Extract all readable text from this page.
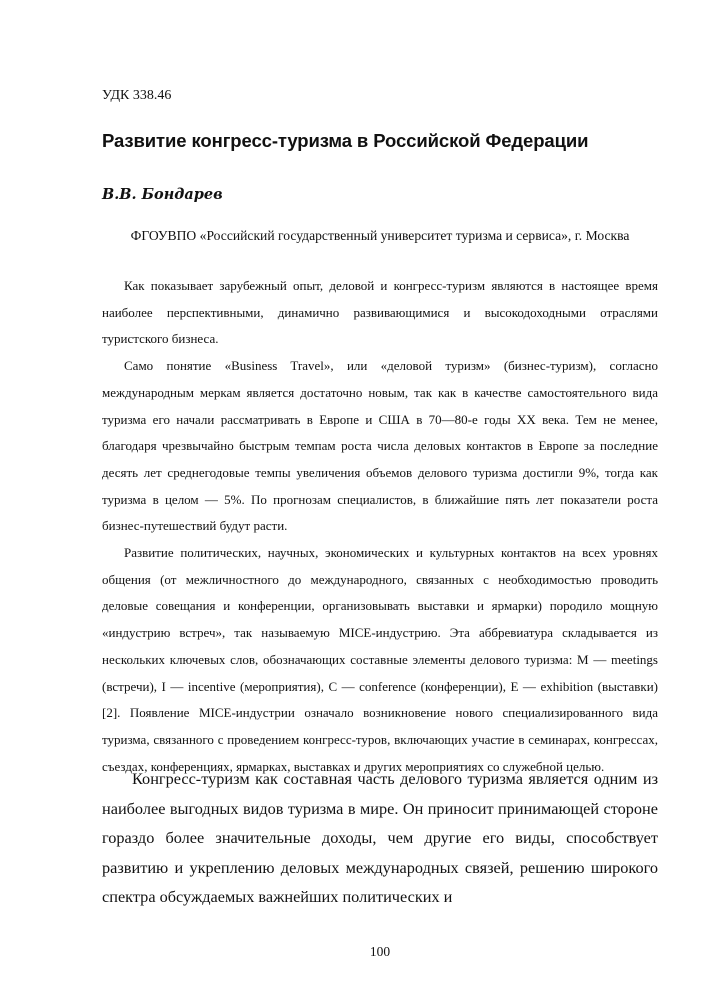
УДК 338.46

Развитие конгресс-туризма в Российской Федерации

В.В. Бондарев

ФГОУВПО «Российский государственный университет туризма и сервиса», г. Москва

Как показывает зарубежный опыт, деловой и конгресс-туризм являются в настоящее время наиболее перспективными, динамично развивающимися и высокодоходными отраслями туристского бизнеса.

Само понятие «Business Travel», или «деловой туризм» (бизнес-туризм), согласно международным меркам является достаточно новым, так как в качестве самостоятельного вида туризма его начали рассматривать в Европе и США в 70—80-е годы XX века. Тем не менее, благодаря чрезвычайно быстрым темпам роста числа деловых контактов в Европе за последние десять лет среднегодовые темпы увеличения объемов делового туризма достигли 9%, тогда как туризма в целом — 5%. По прогнозам специалистов, в ближайшие пять лет показатели роста бизнес-путешествий будут расти.

Развитие политических, научных, экономических и культурных контактов на всех уровнях общения (от межличностного до международного, связанных с необходимостью проводить деловые совещания и конференции, организовывать выставки и ярмарки) породило мощную «индустрию встреч», так называемую MICE-индустрию. Эта аббревиатура складывается из нескольких ключевых слов, обозначающих составные элементы делового туризма: M — meetings (встречи), I — incentive (мероприятия), C — conference (конференции), E — exhibition (выставки) [2]. Появление MICE-индустрии означало возникновение нового специализированного вида туризма, связанного с проведением конгресс-туров, включающих участие в семинарах, конгрессах, съездах, конференциях, ярмарках, выставках и других мероприятиях со служебной целью.

Конгресс-туризм как составная часть делового туризма является одним из наиболее выгодных видов туризма в мире. Он приносит принимающей стороне гораздо более значительные доходы, чем другие его виды, способствует развитию и укреплению деловых международных связей, решению широкого спектра обсуждаемых важнейших политических и

100
